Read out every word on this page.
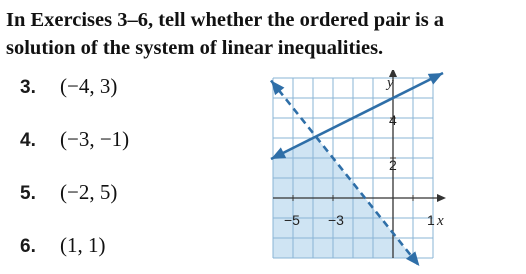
In Exercises 3–6, tell whether the ordered pair is a solution of the system of linear inequalities.

3.	(−4, 3)
4.	(−3, −1)
5.	(−2, 5)
6.	(1, 1)
−5 −3	1 x
4
2
y
